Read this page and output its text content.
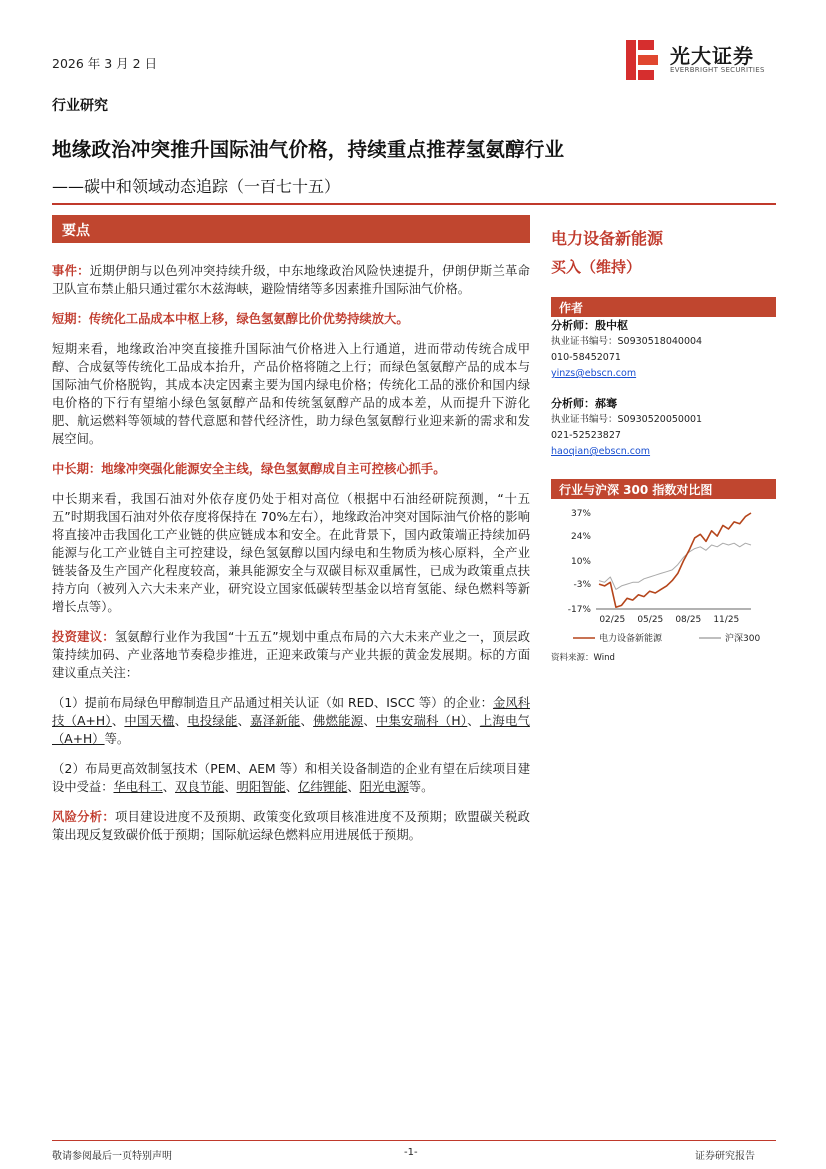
2026 年 3 月 2 日	光大证券
EVERBRIGHT SECURITIES
行业研究
地缘政治冲突推升国际油气价格，持续重点推荐氢氨醇行业
——碳中和领域动态追踪（一百七十五）
要点

事件：近期伊朗与以色列冲突持续升级，中东地缘政治风险快速提升，伊朗伊斯兰革命卫队宣布禁止船只通过霍尔木兹海峡，避险情绪等多因素推升国际油气价格。

短期：传统化工品成本中枢上移，绿色氢氨醇比价优势持续放大。

短期来看，地缘政治冲突直接推升国际油气价格进入上行通道，进而带动传统合成甲醇、合成氨等传统化工品成本抬升，产品价格将随之上行；而绿色氢氨醇产品的成本与国际油气价格脱钩，其成本决定因素主要为国内绿电价格；传统化工品的涨价和国内绿电价格的下行有望缩小绿色氢氨醇产品和传统氢氨醇产品的成本差，从而提升下游化肥、航运燃料等领域的替代意愿和替代经济性，助力绿色氢氨醇行业迎来新的需求和发展空间。

中长期：地缘冲突强化能源安全主线，绿色氢氨醇成自主可控核心抓手。

中长期来看，我国石油对外依存度仍处于相对高位（根据中石油经研院预测，“十五五”时期我国石油对外依存度将保持在 70%左右），地缘政治冲突对国际油气价格的影响将直接冲击我国化工产业链的供应链成本和安全。在此背景下，国内政策端正持续加码能源与化工产业链自主可控建设，绿色氢氨醇以国内绿电和生物质为核心原料，全产业链装备及生产国产化程度较高，兼具能源安全与双碳目标双重属性，已成为政策重点扶持方向（被列入六大未来产业，研究设立国家低碳转型基金以培育氢能、绿色燃料等新增长点等）。

投资建议：氢氨醇行业作为我国“十五五”规划中重点布局的六大未来产业之一，顶层政策持续加码、产业落地节奏稳步推进，正迎来政策与产业共振的黄金发展期。标的方面建议重点关注：

（1）提前布局绿色甲醇制造且产品通过相关认证（如 RED、ISCC 等）的企业：金风科技（A+H）、中国天楹、电投绿能、嘉泽新能、佛燃能源、中集安瑞科（H）、上海电气（A+H）等。

（2）布局更高效制氢技术（PEM、AEM 等）和相关设备制造的企业有望在后续项目建设中受益：华电科工、双良节能、明阳智能、亿纬锂能、阳光电源等。

风险分析：项目建设进度不及预期、政策变化致项目核准进度不及预期；欧盟碳关税政策出现反复致碳价低于预期；国际航运绿色燃料应用进展低于预期。

电力设备新能源
买入（维持）
作者
分析师：殷中枢
执业证书编号：S0930518040004
010-58452071
yinzs@ebscn.com
分析师：郝骞
执业证书编号：S0930520050001
021-52523827
haoqian@ebscn.com
行业与沪深 300 指数对比图
37%
24%
10%
-3%
-17%
02/25 05/25 08/25 11/25
电力设备新能源	沪深300
资料来源：Wind
敬请参阅最后一页特别声明	-1-	证券研究报告
